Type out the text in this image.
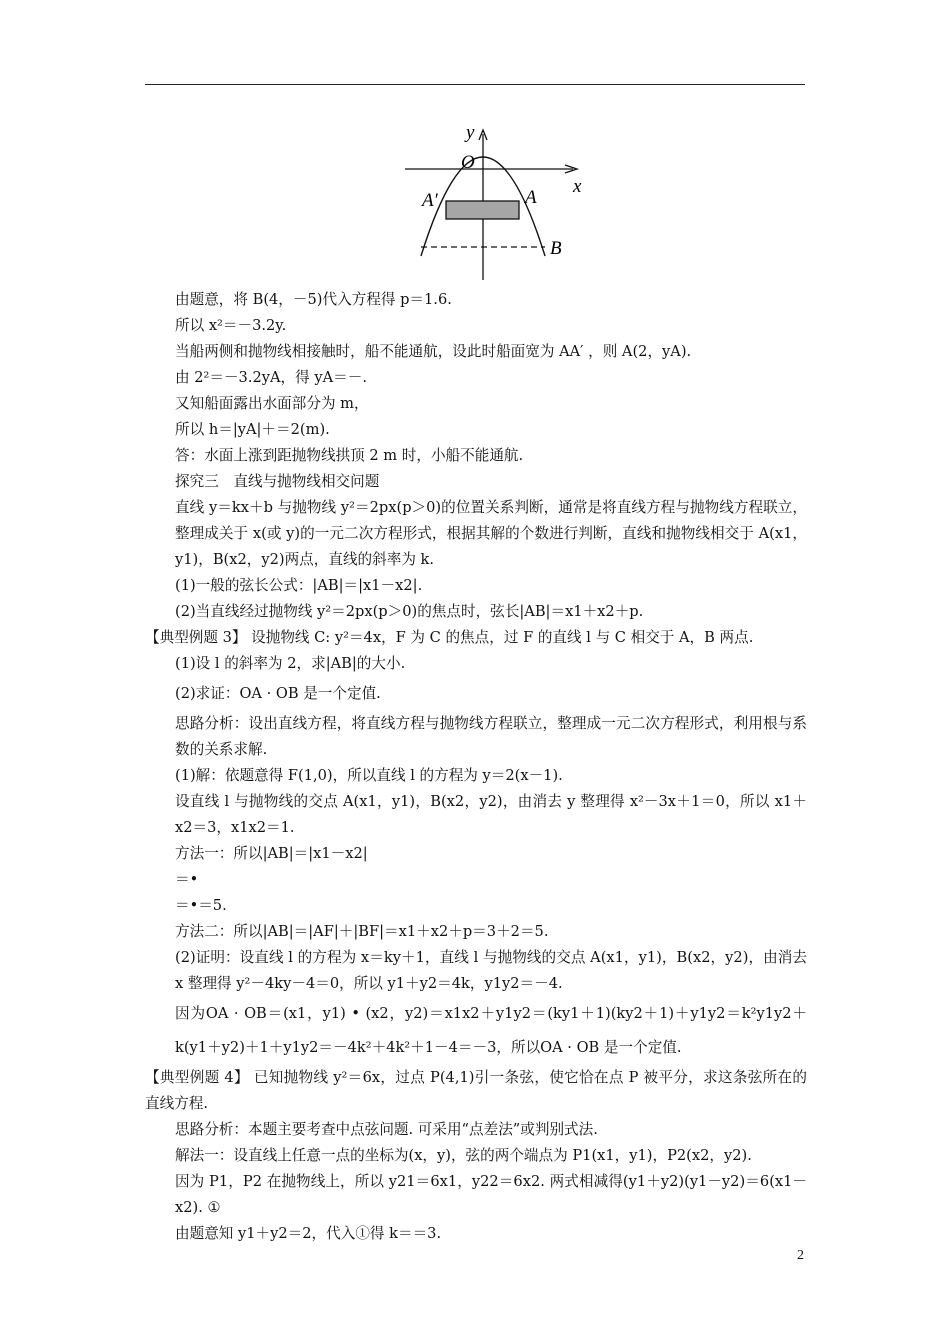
y
x
O
A′	A
B
由题意，将 B(4，－5)代入方程得 p＝1.6.
所以 x²＝－3.2y.
当船两侧和抛物线相接触时，船不能通航，设此时船面宽为 AA′ ，则 A(2，yA).
由 2²＝－3.2yA，得 yA＝－.
又知船面露出水面部分为 m，
所以 h＝|yA|＋＝2(m).
答：水面上涨到距抛物线拱顶 2 m 时，小船不能通航.
探究三　直线与抛物线相交问题
直线 y＝kx＋b 与抛物线 y²＝2px(p＞0)的位置关系判断，通常是将直线方程与抛物线方程联立，整理成关于 x(或 y)的一元二次方程形式，根据其解的个数进行判断，直线和抛物线相交于 A(x1，y1)，B(x2，y2)两点，直线的斜率为 k.
(1)一般的弦长公式：|AB|＝|x1－x2|.
(2)当直线经过抛物线 y²＝2px(p＞0)的焦点时，弦长|AB|＝x1＋x2＋p.
【典型例题 3】 设抛物线 C: y²＝4x，F 为 C 的焦点，过 F 的直线 l 与 C 相交于 A，B 两点.
(1)设 l 的斜率为 2，求|AB|的大小.
(2)求证：OA · OB 是一个定值.
思路分析：设出直线方程，将直线方程与抛物线方程联立，整理成一元二次方程形式，利用根与系数的关系求解.
(1)解：依题意得 F(1,0)，所以直线 l 的方程为 y＝2(x－1).
设直线 l 与抛物线的交点 A(x1，y1)，B(x2，y2)，由消去 y 整理得 x²－3x＋1＝0，所以 x1＋x2＝3，x1x2＝1.
方法一：所以|AB|＝|x1－x2|
＝•
＝•＝5.
方法二：所以|AB|＝|AF|＋|BF|＝x1＋x2＋p＝3＋2＝5.
(2)证明：设直线 l 的方程为 x＝ky＋1，直线 l 与抛物线的交点 A(x1，y1)，B(x2，y2)，由消去 x 整理得 y²－4ky－4＝0，所以 y1＋y2＝4k，y1y2＝－4.
因为OA · OB＝(x1，y1) • (x2，y2)＝x1x2＋y1y2＝(ky1＋1)(ky2＋1)＋y1y2＝k²y1y2＋k(y1＋y2)＋1＋y1y2＝－4k²＋4k²＋1－4＝－3，所以OA · OB 是一个定值.
【典型例题 4】 已知抛物线 y²＝6x，过点 P(4,1)引一条弦，使它恰在点 P 被平分，求这条弦所在的直线方程.
思路分析：本题主要考查中点弦问题. 可采用“点差法”或判别式法.
解法一：设直线上任意一点的坐标为(x，y)，弦的两个端点为 P1(x1，y1)，P2(x2，y2).
因为 P1，P2 在抛物线上，所以 y21＝6x1，y22＝6x2. 两式相减得(y1＋y2)(y1－y2)＝6(x1－x2). ①
由题意知 y1＋y2＝2，代入①得 k＝＝3.
2
